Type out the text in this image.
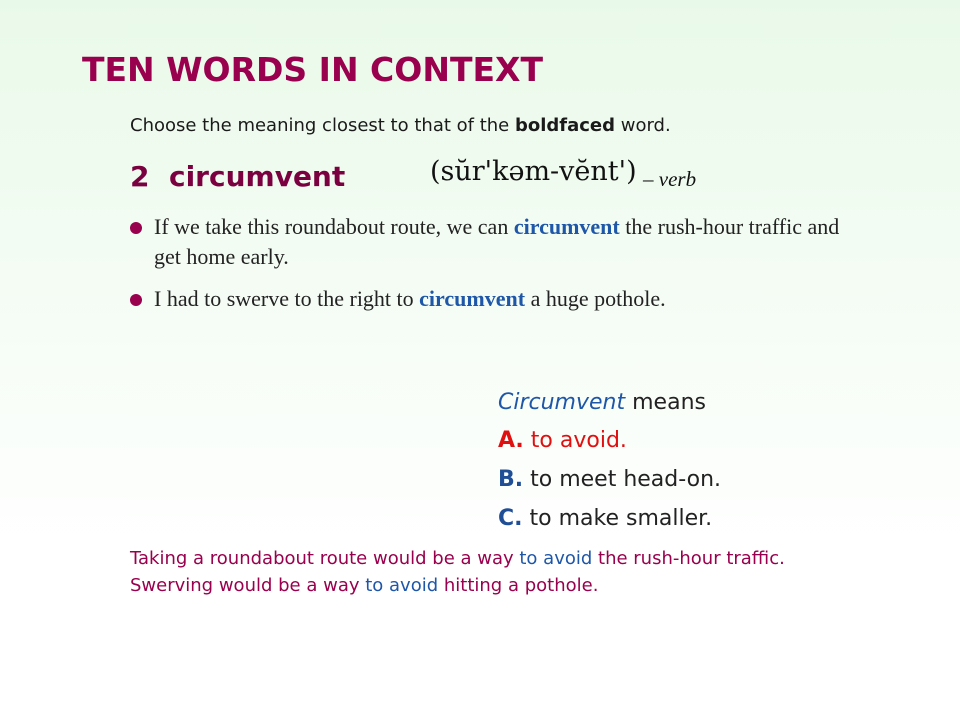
TEN WORDS IN CONTEXT
Choose the meaning closest to that of the boldfaced word.
2  circumvent	(sŭr'kəm-vĕnt') – verb
If we take this roundabout route, we can circumvent the rush-hour traffic and get home early.
I had to swerve to the right to circumvent a huge pothole.
Circumvent means
A. to avoid.
B. to meet head-on.
C. to make smaller.
Taking a roundabout route would be a way to avoid the rush-hour traffic. Swerving would be a way to avoid hitting a pothole.
